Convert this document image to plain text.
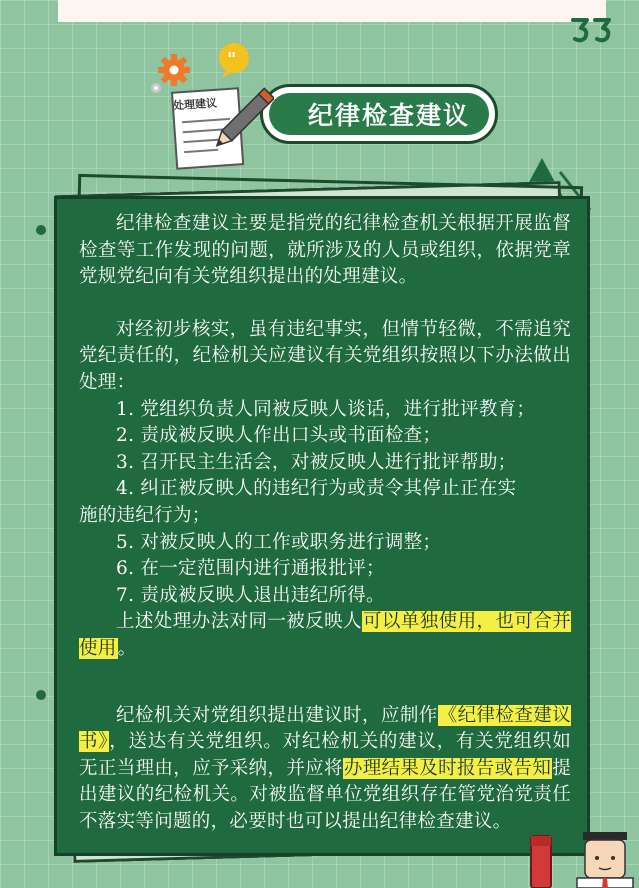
纪律检查建议
"
处理建议

纪律检查建议主要是指党的纪律检查机关根据开展监督检查等工作发现的问题，就所涉及的人员或组织，依据党章党规党纪向有关党组织提出的处理建议。

对经初步核实，虽有违纪事实，但情节轻微，不需追究党纪责任的，纪检机关应建议有关党组织按照以下办法做出处理：

1. 党组织负责人同被反映人谈话，进行批评教育；

2. 责成被反映人作出口头或书面检查；

3. 召开民主生活会，对被反映人进行批评帮助；

4. 纠正被反映人的违纪行为或责令其停止正在实

施的违纪行为；

5. 对被反映人的工作或职务进行调整；

6. 在一定范围内进行通报批评；

7. 责成被反映人退出违纪所得。

上述处理办法对同一被反映人可以单独使用，也可合并使用。

纪检机关对党组织提出建议时，应制作《纪律检查建议书》，送达有关党组织。对纪检机关的建议，有关党组织如无正当理由，应予采纳，并应将办理结果及时报告或告知提出建议的纪检机关。对被监督单位党组织存在管党治党责任不落实等问题的，必要时也可以提出纪律检查建议。
